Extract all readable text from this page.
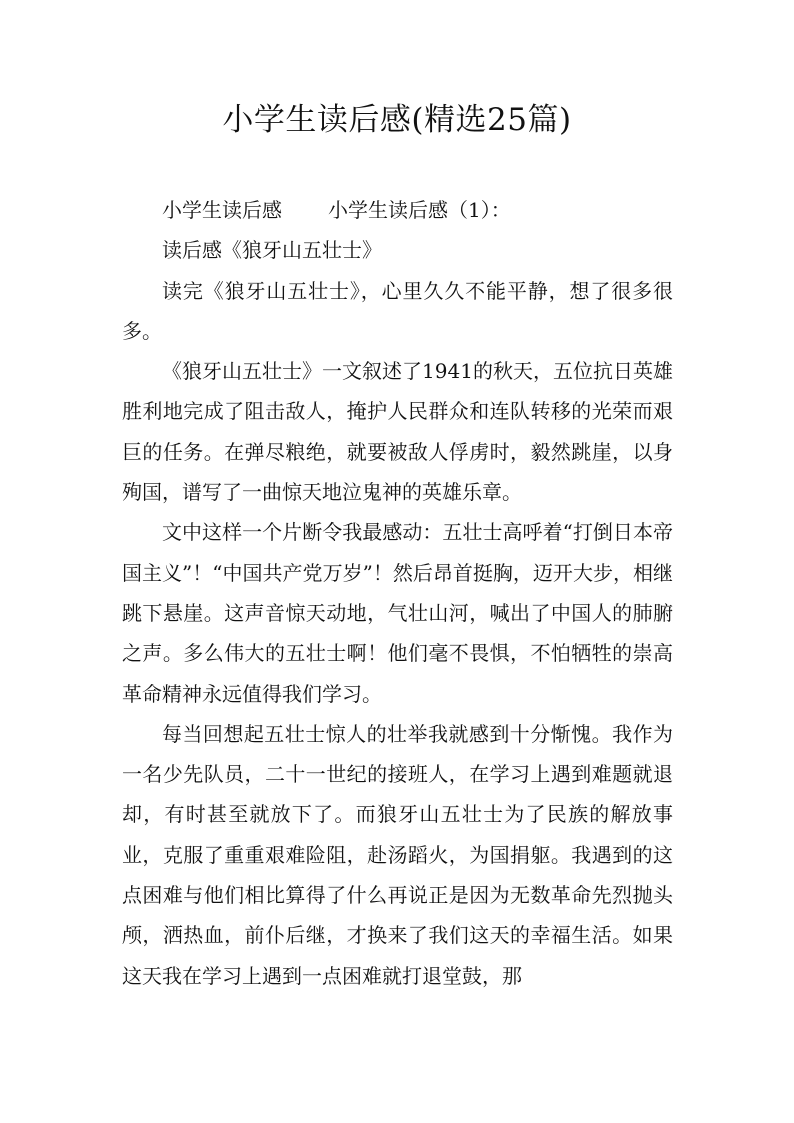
小学生读后感(精选25篇)

小学生读后感 小学生读后感（1）：

读后感《狼牙山五壮士》

读完《狼牙山五壮士》，心里久久不能平静，想了很多很多。

《狼牙山五壮士》一文叙述了1941的秋天，五位抗日英雄胜利地完成了阻击敌人，掩护人民群众和连队转移的光荣而艰巨的任务。在弹尽粮绝，就要被敌人俘虏时，毅然跳崖，以身殉国，谱写了一曲惊天地泣鬼神的英雄乐章。

文中这样一个片断令我最感动：五壮士高呼着“打倒日本帝国主义”！“中国共产党万岁”！然后昂首挺胸，迈开大步，相继跳下悬崖。这声音惊天动地，气壮山河，喊出了中国人的肺腑之声。多么伟大的五壮士啊！他们毫不畏惧，不怕牺牲的崇高革命精神永远值得我们学习。

每当回想起五壮士惊人的壮举我就感到十分惭愧。我作为一名少先队员，二十一世纪的接班人，在学习上遇到难题就退却，有时甚至就放下了。而狼牙山五壮士为了民族的解放事业，克服了重重艰难险阻，赴汤蹈火，为国捐躯。我遇到的这点困难与他们相比算得了什么再说正是因为无数革命先烈抛头颅，洒热血，前仆后继，才换来了我们这天的幸福生活。如果这天我在学习上遇到一点困难就打退堂鼓，那
